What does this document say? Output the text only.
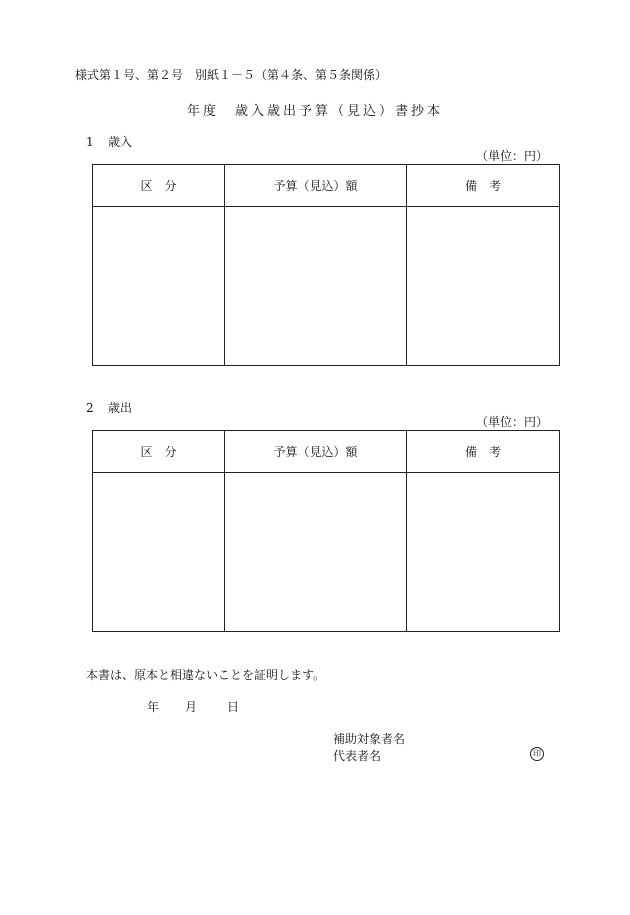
様式第１号、第２号　別紙１－５（第４条、第５条関係）
年度　歳入歳出予算（見込）書抄本
1 歳入
（単位：円）
区　分	予算（見込）額	備　考

2 歳出
（単位：円）
区　分	予算（見込）額	備　考

本書は、原本と相違ないことを証明します。
年 月 日
補助対象者名
代表者名	印
